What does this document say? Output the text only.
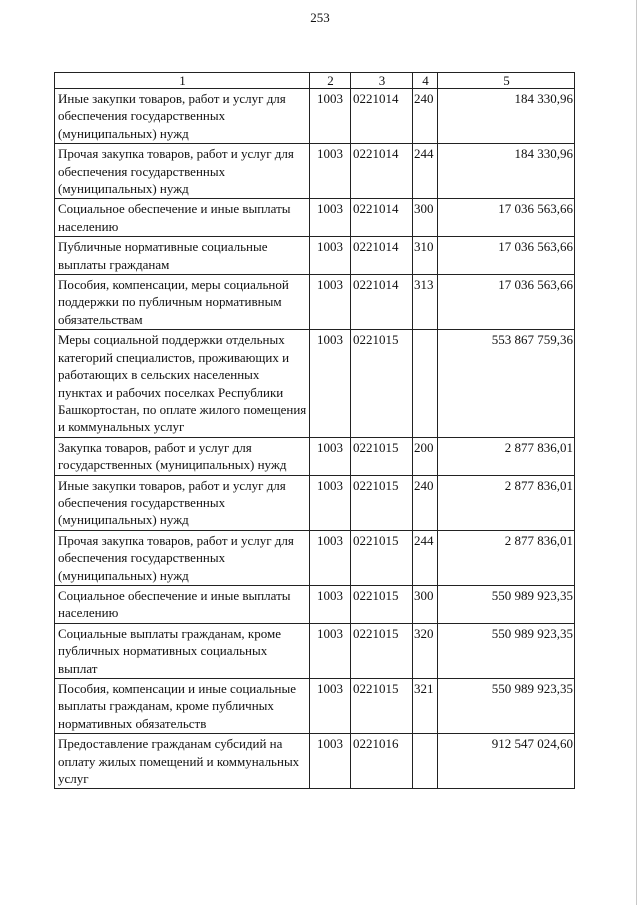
253
1	2	3	4	5
Иные закупки товаров, работ и услуг для обеспечения государственных (муниципальных) нужд	1003	0221014	240	184 330,96
Прочая закупка товаров, работ и услуг для обеспечения государственных (муниципальных) нужд	1003	0221014	244	184 330,96
Социальное обеспечение и иные выплаты населению	1003	0221014	300	17 036 563,66
Публичные нормативные социальные выплаты гражданам	1003	0221014	310	17 036 563,66
Пособия, компенсации, меры социальной поддержки по публичным нормативным обязательствам	1003	0221014	313	17 036 563,66
Меры социальной поддержки отдельных категорий специалистов, проживающих и работающих в сельских населенных пунктах и рабочих поселках Республики Башкортостан, по оплате жилого помещения и коммунальных услуг	1003	0221015		553 867 759,36
Закупка товаров, работ и услуг для государственных (муниципальных) нужд	1003	0221015	200	2 877 836,01
Иные закупки товаров, работ и услуг для обеспечения государственных (муниципальных) нужд	1003	0221015	240	2 877 836,01
Прочая закупка товаров, работ и услуг для обеспечения государственных (муниципальных) нужд	1003	0221015	244	2 877 836,01
Социальное обеспечение и иные выплаты населению	1003	0221015	300	550 989 923,35
Социальные выплаты гражданам, кроме публичных нормативных социальных выплат	1003	0221015	320	550 989 923,35
Пособия, компенсации и иные социальные выплаты гражданам, кроме публичных нормативных обязательств	1003	0221015	321	550 989 923,35
Предоставление гражданам субсидий на оплату жилых помещений и коммунальных услуг	1003	0221016		912 547 024,60
